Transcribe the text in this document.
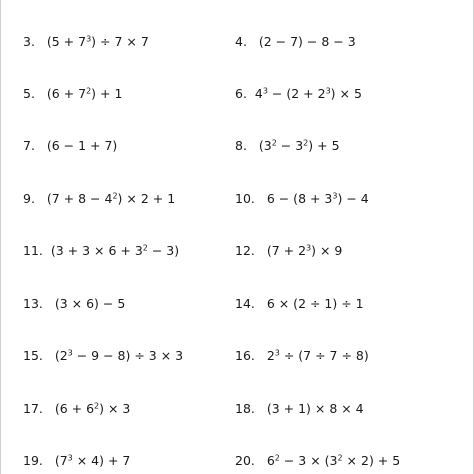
3. $(5 + 7^3) \div 7 \times 7$	4. (2 − 7) − 8 − 3
5. $(6 + 7^2) + 1$	6. $4^3 - (2 + 2^3) \times 5$
7. (6 − 1 + 7)	8. $(3^2 - 3^2) + 5$
9. $(7 + 8 - 4^2) \times 2 + 1$	10. $6 - (8 + 3^3) - 4$
11. $(3 + 3 \times 6 + 3^2 - 3)$	12. $(7 + 2^3) \times 9$
13. (3 × 6) − 5	14. 6 × (2 ÷ 1) ÷ 1
15. $(2^3 - 9 - 8) \div 3 \times 3$	16. $2^3 \div (7 \div 7 \div 8)$
17. $(6 + 6^2) \times 3$	18. (3 + 1) × 8 × 4
19. $(7^3 \times 4) + 7$	20. $6^2 - 3 \times (3^2 \times 2) + 5$
